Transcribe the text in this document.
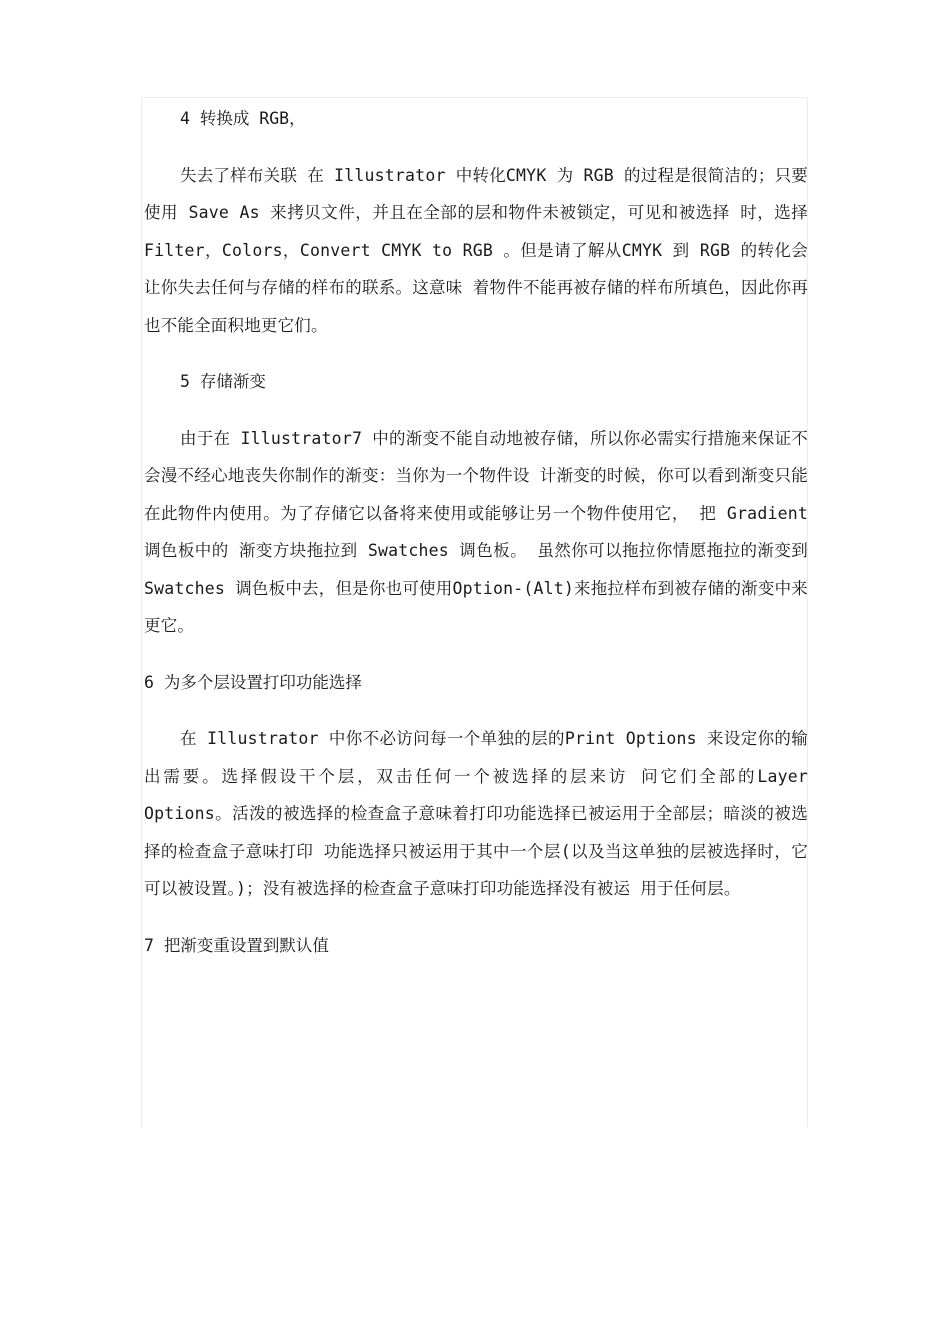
4 转换成 RGB，

失去了样布关联 在 Illustrator 中转化CMYK 为 RGB 的过程是很简洁的；只要使用 Save As 来拷贝文件，并且在全部的层和物件未被锁定，可见和被选择 时，选择 Filter，Colors，Convert CMYK to RGB 。但是请了解从CMYK 到 RGB 的转化会让你失去任何与存储的样布的联系。这意味 着物件不能再被存储的样布所填色，因此你再也不能全面积地更它们。

5 存储渐变

由于在 Illustrator7 中的渐变不能自动地被存储，所以你必需实行措施来保证不会漫不经心地丧失你制作的渐变：当你为一个物件设 计渐变的时候，你可以看到渐变只能在此物件内使用。为了存储它以备将来使用或能够让另一个物件使用它， 把 Gradient 调色板中的 渐变方块拖拉到 Swatches 调色板。 虽然你可以拖拉你情愿拖拉的渐变到 Swatches 调色板中去，但是你也可使用Option-(Alt)来拖拉样布到被存储的渐变中来更它。

6 为多个层设置打印功能选择

在 Illustrator 中你不必访问每一个单独的层的Print Options 来设定你的输出需要。选择假设干个层，双击任何一个被选择的层来访 问它们全部的Layer Options。活泼的被选择的检查盒子意味着打印功能选择已被运用于全部层；暗淡的被选择的检查盒子意味打印 功能选择只被运用于其中一个层(以及当这单独的层被选择时，它可以被设置。)；没有被选择的检查盒子意味打印功能选择没有被运 用于任何层。

7 把渐变重设置到默认值
